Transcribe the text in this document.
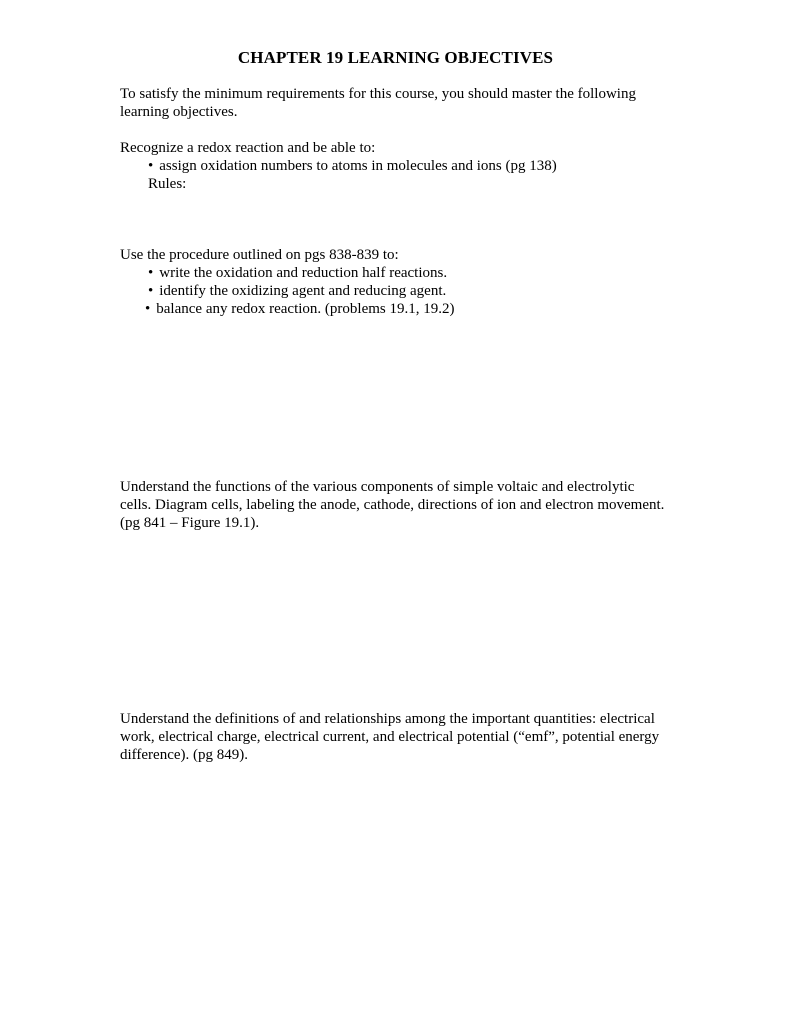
CHAPTER 19 LEARNING OBJECTIVES
To satisfy the minimum requirements for this course, you should master the following learning objectives.
Recognize a redox reaction and be able to:
• assign oxidation numbers to atoms in molecules and ions (pg 138)
Rules:
Use the procedure outlined on pgs 838-839 to:
• write the oxidation and reduction half reactions.
• identify the oxidizing agent and reducing agent.
• balance any redox reaction. (problems 19.1, 19.2)
Understand the functions of the various components of simple voltaic and electrolytic cells. Diagram cells, labeling the anode, cathode, directions of ion and electron movement. (pg 841 – Figure 19.1).
Understand the definitions of and relationships among the important quantities: electrical work, electrical charge, electrical current, and electrical potential (“emf”, potential energy difference). (pg 849).
